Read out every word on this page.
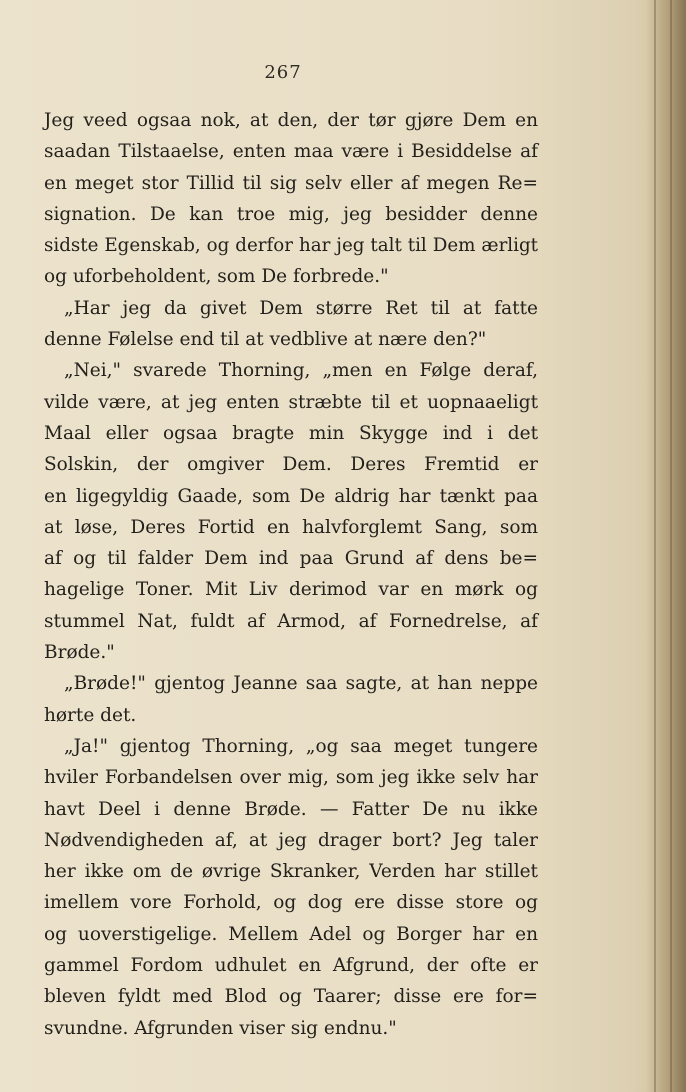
267
Jeg veed ogsaa nok, at den, der tør gjøre Dem en
saadan Tilstaaelse, enten maa være i Besiddelse af
en meget stor Tillid til sig selv eller af megen Re=
signation. De kan troe mig, jeg besidder denne
sidste Egenskab, og derfor har jeg talt til Dem ærligt
og uforbeholdent, som De forbrede."
„Har jeg da givet Dem større Ret til at fatte
denne Følelse end til at vedblive at nære den?"
„Nei," svarede Thorning, „men en Følge deraf,
vilde være, at jeg enten stræbte til et uopnaaeligt
Maal eller ogsaa bragte min Skygge ind i det
Solskin, der omgiver Dem. Deres Fremtid er
en ligegyldig Gaade, som De aldrig har tænkt paa
at løse, Deres Fortid en halvforglemt Sang, som
af og til falder Dem ind paa Grund af dens be=
hagelige Toner. Mit Liv derimod var en mørk og
stummel Nat, fuldt af Armod, af Fornedrelse, af
Brøde."
„Brøde!" gjentog Jeanne saa sagte, at han neppe
hørte det.
„Ja!" gjentog Thorning, „og saa meget tungere
hviler Forbandelsen over mig, som jeg ikke selv har
havt Deel i denne Brøde. — Fatter De nu ikke
Nødvendigheden af, at jeg drager bort? Jeg taler
her ikke om de øvrige Skranker, Verden har stillet
imellem vore Forhold, og dog ere disse store og
og uoverstigelige. Mellem Adel og Borger har en
gammel Fordom udhulet en Afgrund, der ofte er
bleven fyldt med Blod og Taarer; disse ere for=
svundne. Afgrunden viser sig endnu."
